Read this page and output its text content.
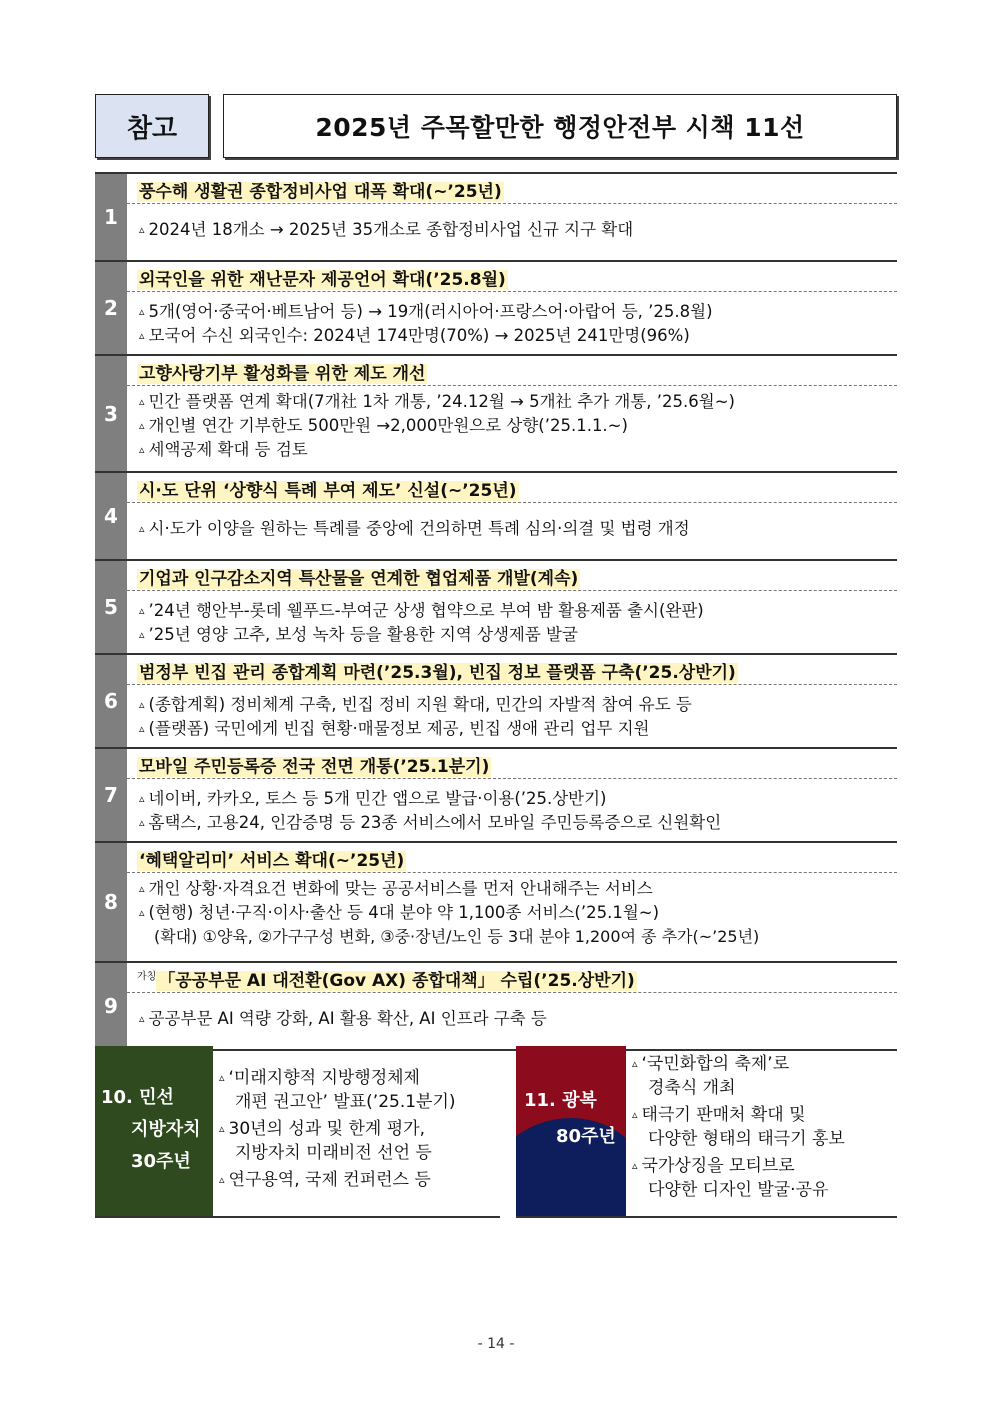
참고	2025년 주목할만한 행정안전부 시책 11선
1
풍수해 생활권 종합정비사업 대폭 확대(~’25년)
▵ 2024년 18개소 → 2025년 35개소로 종합정비사업 신규 지구 확대
2
외국인을 위한 재난문자 제공언어 확대(’25.8월)
▵ 5개(영어·중국어·베트남어 등) → 19개(러시아어·프랑스어·아랍어 등, ’25.8월)
▵ 모국어 수신 외국인수: 2024년 174만명(70%) → 2025년 241만명(96%)
3
고향사랑기부 활성화를 위한 제도 개선
▵ 민간 플랫폼 연계 확대(7개社 1차 개통, ’24.12월 → 5개社 추가 개통, ’25.6월~)
▵ 개인별 연간 기부한도 500만원 →2,000만원으로 상향(’25.1.1.~)
▵ 세액공제 확대 등 검토
4
시·도 단위 ‘상향식 특례 부여 제도’ 신설(~’25년)
▵ 시·도가 이양을 원하는 특례를 중앙에 건의하면 특례 심의·의결 및 법령 개정
5
기업과 인구감소지역 특산물을 연계한 협업제품 개발(계속)
▵ ’24년 행안부-롯데 웰푸드-부여군 상생 협약으로 부여 밤 활용제품 출시(완판)
▵ ’25년 영양 고추, 보성 녹차 등을 활용한 지역 상생제품 발굴
6
범정부 빈집 관리 종합계획 마련(’25.3월), 빈집 정보 플랫폼 구축(’25.상반기)
▵ (종합계획) 정비체계 구축, 빈집 정비 지원 확대, 민간의 자발적 참여 유도 등
▵ (플랫폼) 국민에게 빈집 현황·매물정보 제공, 빈집 생애 관리 업무 지원
7
모바일 주민등록증 전국 전면 개통(’25.1분기)
▵ 네이버, 카카오, 토스 등 5개 민간 앱으로 발급·이용(’25.상반기)
▵ 홈택스, 고용24, 인감증명 등 23종 서비스에서 모바일 주민등록증으로 신원확인
8
‘혜택알리미’ 서비스 확대(~’25년)
▵ 개인 상황·자격요건 변화에 맞는 공공서비스를 먼저 안내해주는 서비스
▵ (현행) 청년·구직·이사·출산 등 4대 분야 약 1,100종 서비스(’25.1월~)
(확대) ①양육, ②가구구성 변화, ③중·장년/노인 등 3대 분야 1,200여 종 추가(~’25년)
9
$^{가칭}$ 「공공부문 AI 대전환(Gov AX) 종합대책」 수립(’25.상반기)
▵ 공공부문 AI 역량 강화, AI 활용 확산, AI 인프라 구축 등
10. 민선
지방자치
30주년
▵ ‘미래지향적 지방행정체제
개편 권고안’ 발표(’25.1분기)
▵ 30년의 성과 및 한계 평가,
지방자치 미래비전 선언 등
▵ 연구용역, 국제 컨퍼런스 등
11. 광복
80주년
▵ ‘국민화합의 축제’로
경축식 개최
▵ 태극기 판매처 확대 및
다양한 형태의 태극기 홍보
▵ 국가상징을 모티브로
다양한 디자인 발굴·공유
- 14 -
